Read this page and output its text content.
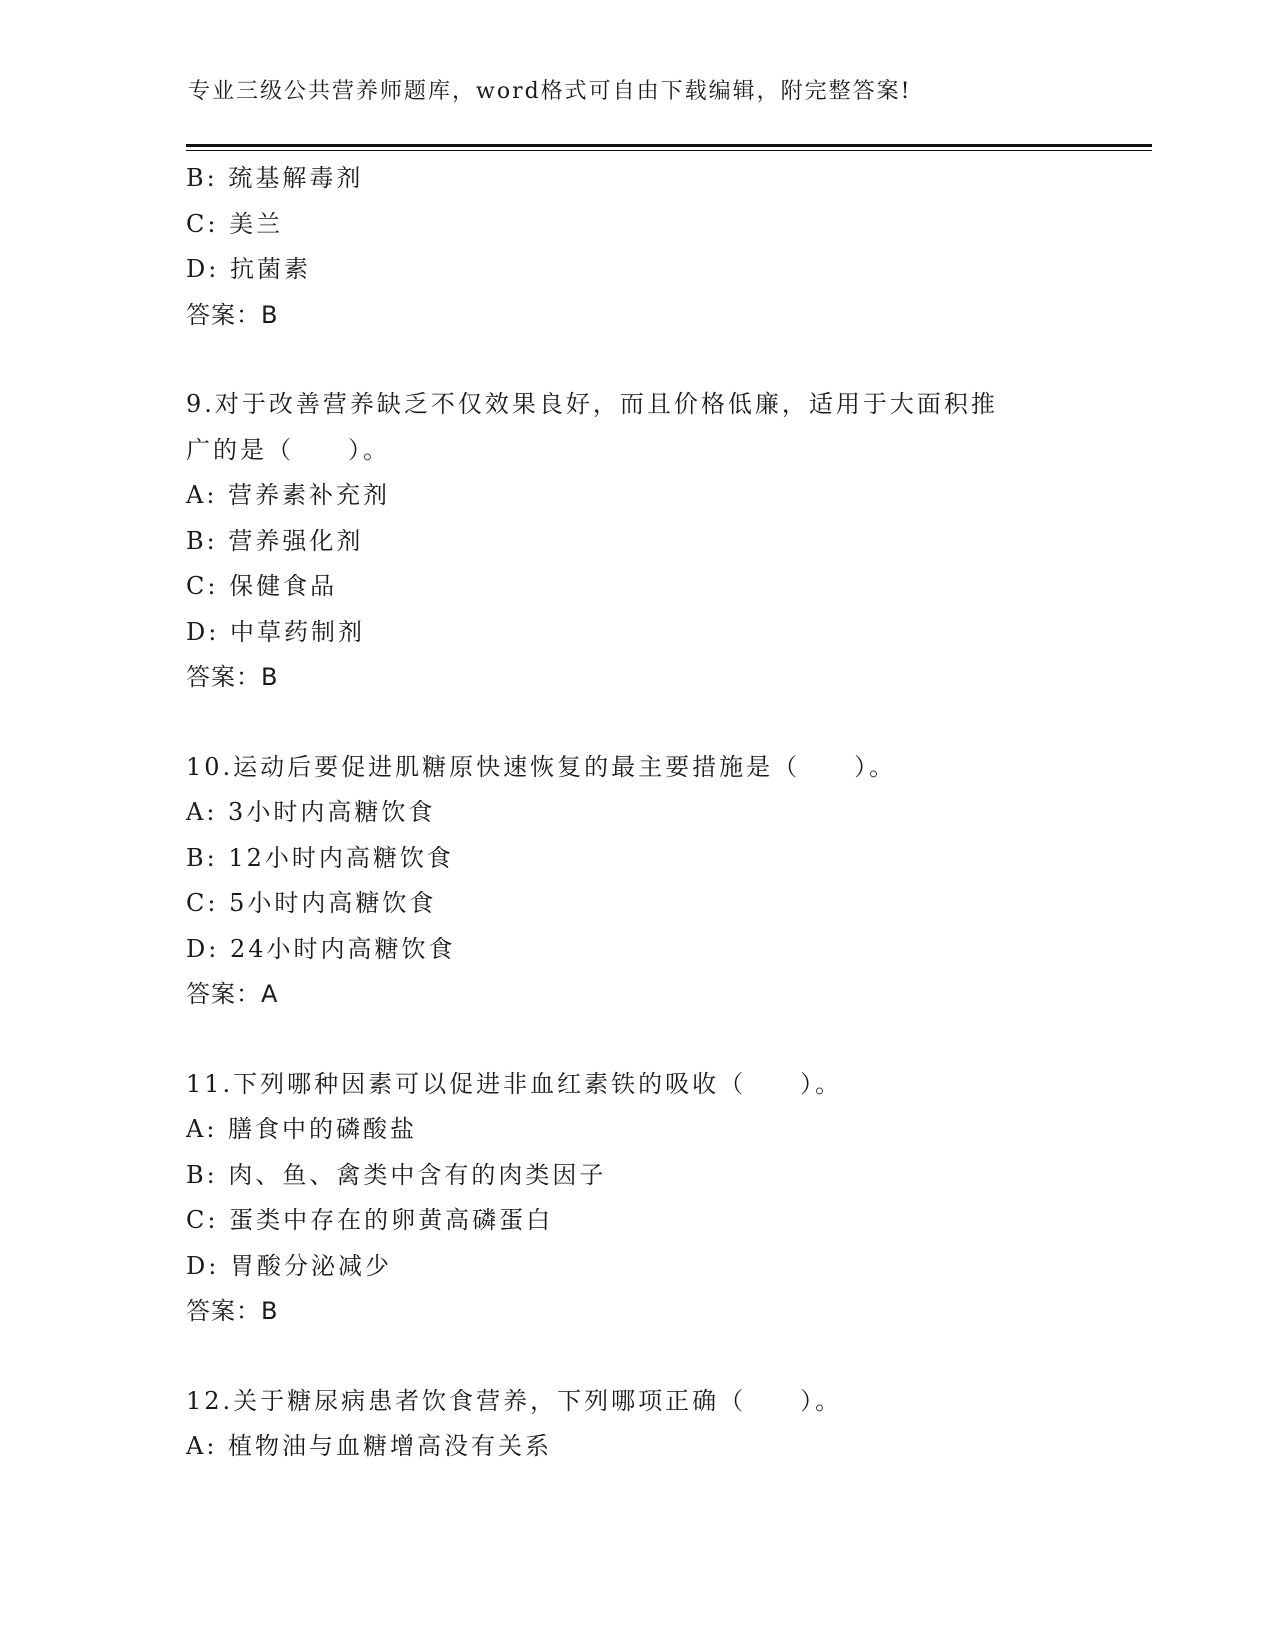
专业三级公共营养师题库，word格式可自由下载编辑，附完整答案!
B: 巯基解毒剂
C: 美兰
D: 抗菌素
答案：B
9.对于改善营养缺乏不仅效果良好，而且价格低廉，适用于大面积推
广的是（　　）。
A: 营养素补充剂
B: 营养强化剂
C: 保健食品
D: 中草药制剂
答案：B
10.运动后要促进肌糖原快速恢复的最主要措施是（　　）。
A: 3小时内高糖饮食
B: 12小时内高糖饮食
C: 5小时内高糖饮食
D: 24小时内高糖饮食
答案：A
11.下列哪种因素可以促进非血红素铁的吸收（　　）。
A: 膳食中的磷酸盐
B: 肉、鱼、禽类中含有的肉类因子
C: 蛋类中存在的卵黄高磷蛋白
D: 胃酸分泌减少
答案：B
12.关于糖尿病患者饮食营养，下列哪项正确（　　）。
A: 植物油与血糖增高没有关系
